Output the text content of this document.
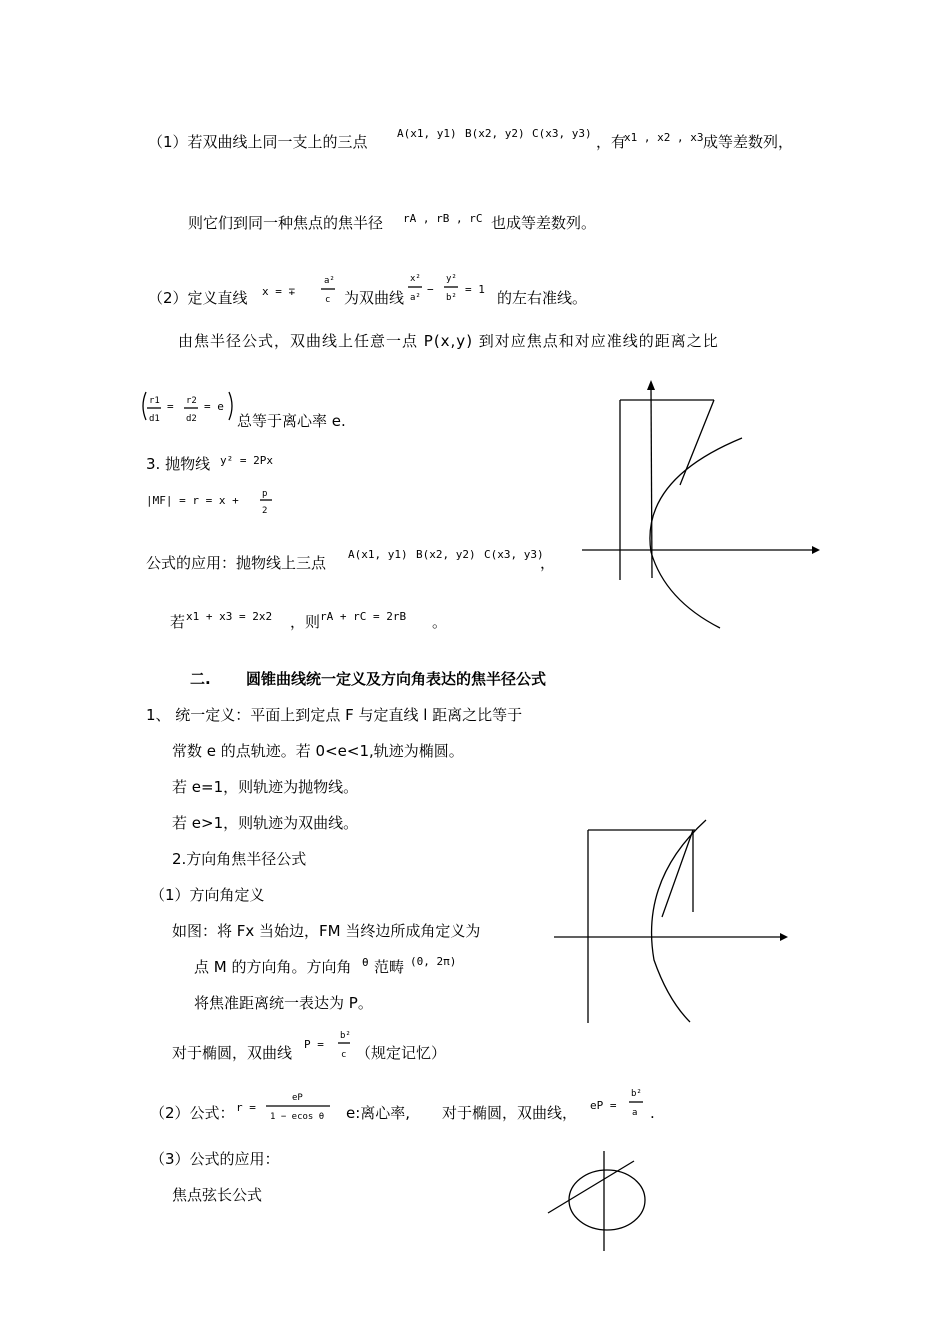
（1）若双曲线上同一支上的三点	A(x1, y1) B(x2, y2) C(x3, y3) ，有
x1 , x2 , x3 成等差数列，
则它们到同一种焦点的焦半径 rA , rB , rC 也成等差数列。
（2）定义直线 x = ∓
a²
c 为双曲线
x²
a²
−
y²
b²
= 1 的左右准线。
由焦半径公式，双曲线上任意一点 P(x,y) 到对应焦点和对应准线的距离之比
r1
d1
= r2
d2
= e
总等于离心率 e.
3. 抛物线 y² = 2Px
|MF| = r = x +	p
2
公式的应用：抛物线上三点 A(x1, y1) B(x2, y2) C(x3, y3)
，
若 x1 + x3 = 2x2 ，则 rA + rC = 2rB 。
二. 圆锥曲线统一定义及方向角表达的焦半径公式
1、 统一定义：平面上到定点 F 与定直线 l 距离之比等于
常数 e 的点轨迹。若 0<e<1,轨迹为椭圆。
若 e=1，则轨迹为抛物线。
若 e>1，则轨迹为双曲线。
2.方向角焦半径公式
（1）方向角定义
如图：将 Fx 当始边，FM 当终边所成角定义为
点 M 的方向角。方向角 θ 范畴 (0, 2π)
将焦准距离统一表达为 P。
对于椭圆，双曲线 P =
b²
c （规定记忆）
（2）公式： r =
eP
1 − ecos θ e:离心率, 对于椭圆，双曲线， eP =
b²
a .
（3）公式的应用：
焦点弦长公式
